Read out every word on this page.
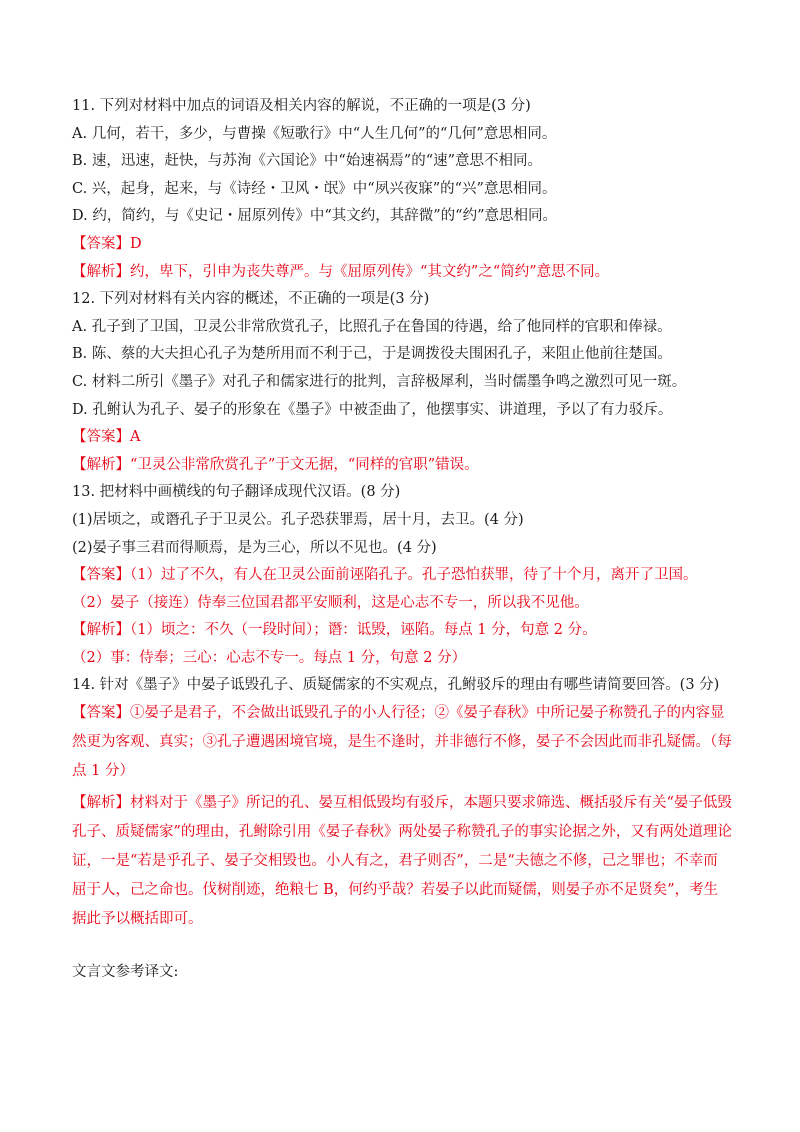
11. 下列对材料中加点的词语及相关内容的解说，不正确的一项是(3 分)
A. 几何，若干，多少，与曹操《短歌行》中“人生几何”的“几何”意思相同。
B. 速，迅速，赶快，与苏洵《六国论》中“始速祸焉”的“速”意思不相同。
C. 兴，起身，起来，与《诗经・卫风・氓》中“夙兴夜寐”的“兴”意思相同。
D. 约，简约，与《史记・屈原列传》中“其文约，其辞微”的“约”意思相同。
【答案】D
【解析】约，卑下，引申为丧失尊严。与《屈原列传》“其文约”之“简约”意思不同。
12. 下列对材料有关内容的概述，不正确的一项是(3 分)
A. 孔子到了卫国，卫灵公非常欣赏孔子，比照孔子在鲁国的待遇，给了他同样的官职和俸禄。
B. 陈、蔡的大夫担心孔子为楚所用而不利于己，于是调拨役夫围困孔子，来阻止他前往楚国。
C. 材料二所引《墨子》对孔子和儒家进行的批判，言辞极犀利，当时儒墨争鸣之激烈可见一斑。
D. 孔鲋认为孔子、晏子的形象在《墨子》中被歪曲了，他摆事实、讲道理，予以了有力驳斥。
【答案】A
【解析】“卫灵公非常欣赏孔子”于文无据，“同样的官职”错误。
13. 把材料中画横线的句子翻译成现代汉语。(8 分)
(1)居顷之，或谮孔子于卫灵公。孔子恐获罪焉，居十月，去卫。(4 分)
(2)晏子事三君而得顺焉，是为三心，所以不见也。(4 分)
【答案】（1）过了不久，有人在卫灵公面前诬陷孔子。孔子恐怕获罪，待了十个月，离开了卫国。
（2）晏子（接连）侍奉三位国君都平安顺利，这是心志不专一，所以我不见他。
【解析】（1）顷之：不久（一段时间）；谮：诋毁，诬陷。每点 1 分，句意 2 分。
（2）事：侍奉；三心：心志不专一。每点 1 分，句意 2 分）
14. 针对《墨子》中晏子诋毁孔子、质疑儒家的不实观点，孔鲋驳斥的理由有哪些请简要回答。(3 分)
【答案】①晏子是君子，不会做出诋毁孔子的小人行径；②《晏子春秋》中所记晏子称赞孔子的内容显然更为客观、真实；③孔子遭遇困境官境，是生不逢时，并非德行不修，晏子不会因此而非孔疑儒。（每点 1 分）
【解析】材料对于《墨子》所记的孔、晏互相低毁均有驳斥，本题只要求筛选、概括驳斥有关“晏子低毁孔子、质疑儒家”的理由，孔鲋除引用《晏子春秋》两处晏子称赞孔子的事实论据之外，又有两处道理论证，一是“若是乎孔子、晏子交相毁也。小人有之，君子则否”，二是“夫德之不修，己之罪也；不幸而屈于人，己之命也。伐树削迹，绝粮七 B，何约乎哉？若晏子以此而疑儒，则晏子亦不足贤矣”，考生据此予以概括即可。
文言文参考译文:
